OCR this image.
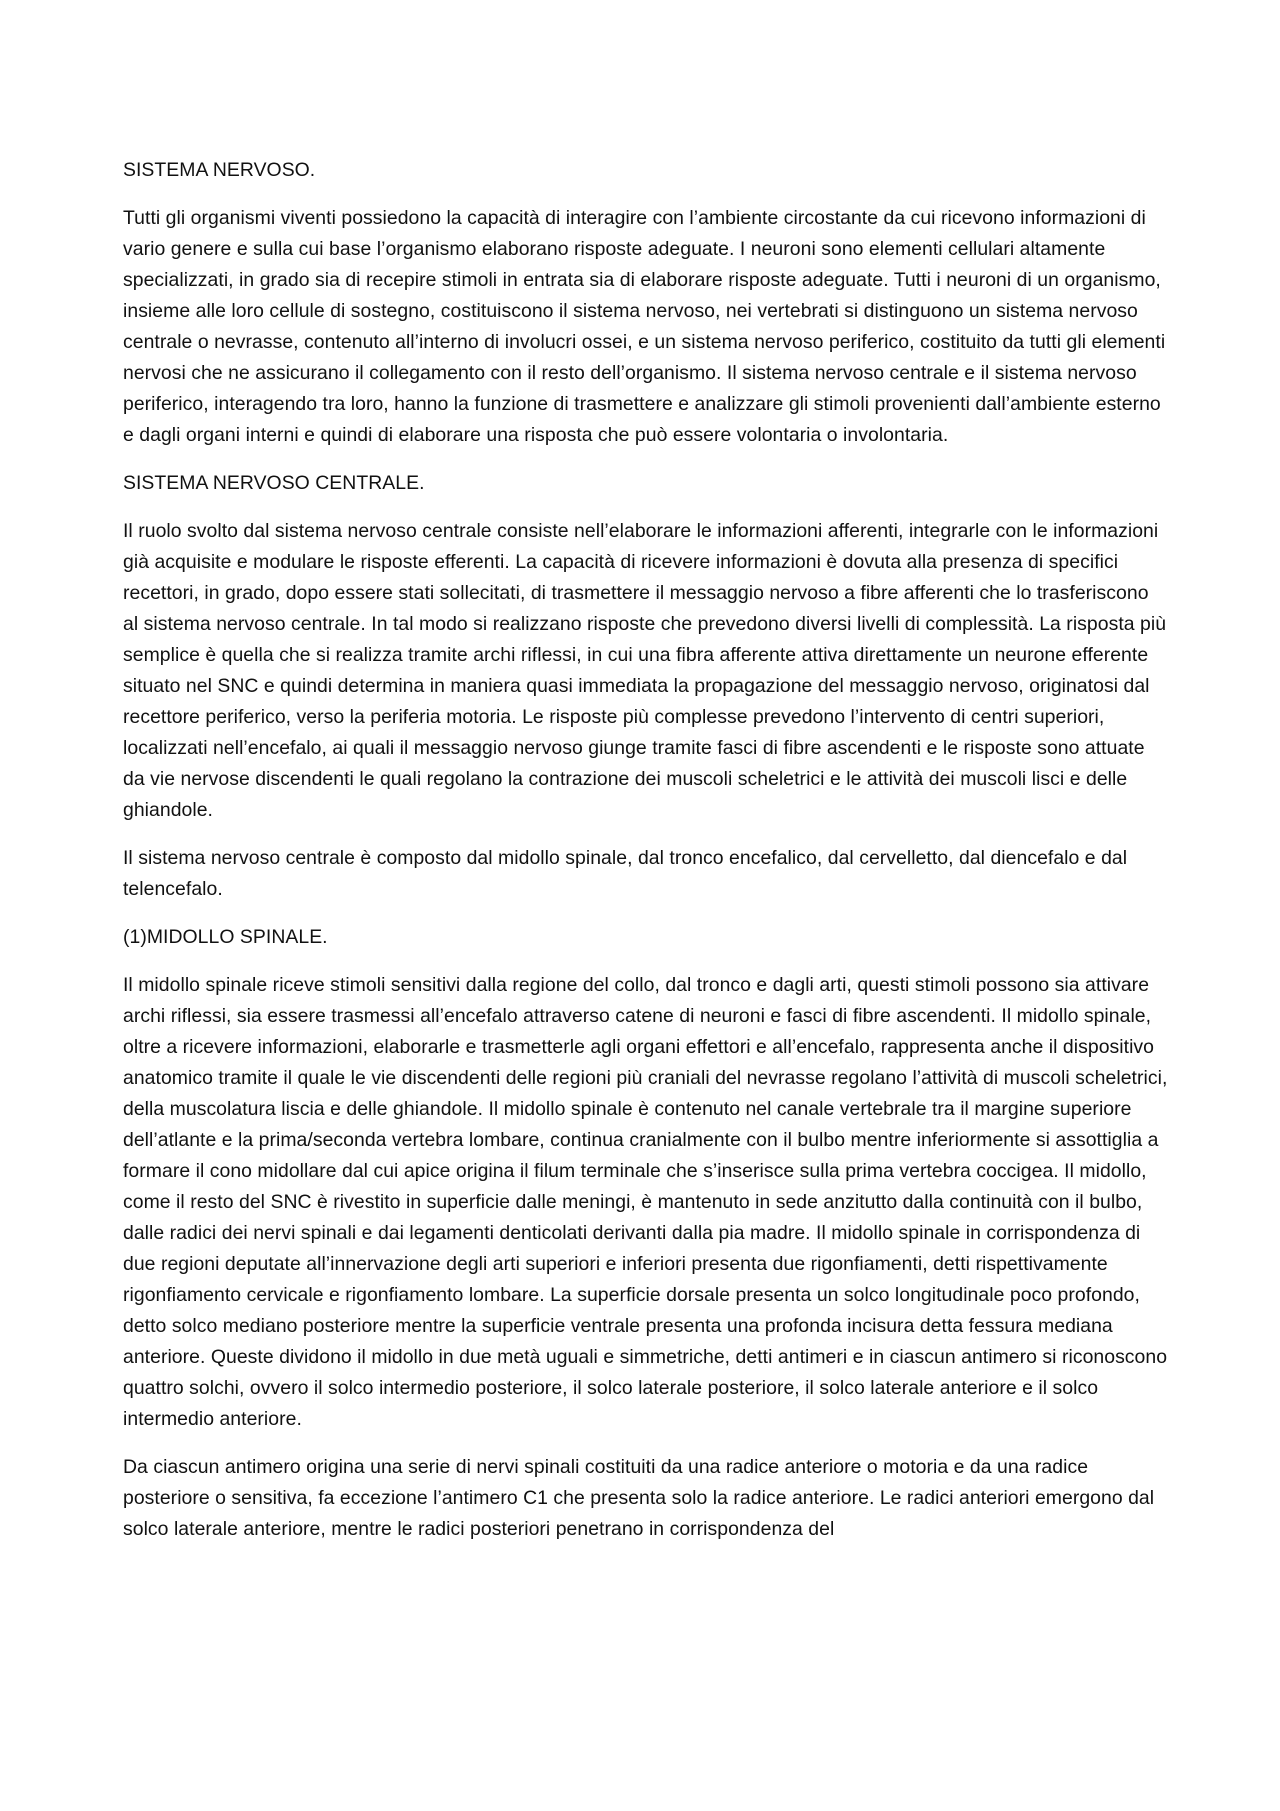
SISTEMA NERVOSO.

Tutti gli organismi viventi possiedono la capacità di interagire con l’ambiente circostante da cui ricevono informazioni di vario genere e sulla cui base l’organismo elaborano risposte adeguate. I neuroni sono elementi cellulari altamente specializzati, in grado sia di recepire stimoli in entrata sia di elaborare risposte adeguate. Tutti i neuroni di un organismo, insieme alle loro cellule di sostegno, costituiscono il sistema nervoso, nei vertebrati si distinguono un sistema nervoso centrale o nevrasse, contenuto all’interno di involucri ossei, e un sistema nervoso periferico, costituito da tutti gli elementi nervosi che ne assicurano il collegamento con il resto dell’organismo. Il sistema nervoso centrale e il sistema nervoso periferico, interagendo tra loro, hanno la funzione di trasmettere e analizzare gli stimoli provenienti dall’ambiente esterno e dagli organi interni e quindi di elaborare una risposta che può essere volontaria o involontaria.

SISTEMA NERVOSO CENTRALE.

Il ruolo svolto dal sistema nervoso centrale consiste nell’elaborare le informazioni afferenti, integrarle con le informazioni già acquisite e modulare le risposte efferenti. La capacità di ricevere informazioni è dovuta alla presenza di specifici recettori, in grado, dopo essere stati sollecitati, di trasmettere il messaggio nervoso a fibre afferenti che lo trasferiscono al sistema nervoso centrale. In tal modo si realizzano risposte che prevedono diversi livelli di complessità. La risposta più semplice è quella che si realizza tramite archi riflessi, in cui una fibra afferente attiva direttamente un neurone efferente situato nel SNC e quindi determina in maniera quasi immediata la propagazione del messaggio nervoso, originatosi dal recettore periferico, verso la periferia motoria. Le risposte più complesse prevedono l’intervento di centri superiori, localizzati nell’encefalo, ai quali il messaggio nervoso giunge tramite fasci di fibre ascendenti e le risposte sono attuate da vie nervose discendenti le quali regolano la contrazione dei muscoli scheletrici e le attività dei muscoli lisci e delle ghiandole.

Il sistema nervoso centrale è composto dal midollo spinale, dal tronco encefalico, dal cervelletto, dal diencefalo e dal telencefalo.

(1)MIDOLLO SPINALE.

Il midollo spinale riceve stimoli sensitivi dalla regione del collo, dal tronco e dagli arti, questi stimoli possono sia attivare archi riflessi, sia essere trasmessi all’encefalo attraverso catene di neuroni e fasci di fibre ascendenti. Il midollo spinale, oltre a ricevere informazioni, elaborarle e trasmetterle agli organi effettori e all’encefalo, rappresenta anche il dispositivo anatomico tramite il quale le vie discendenti delle regioni più craniali del nevrasse regolano l’attività di muscoli scheletrici, della muscolatura liscia e delle ghiandole. Il midollo spinale è contenuto nel canale vertebrale tra il margine superiore dell’atlante e la prima/seconda vertebra lombare, continua cranialmente con il bulbo mentre inferiormente si assottiglia a formare il cono midollare dal cui apice origina il filum terminale che s’inserisce sulla prima vertebra coccigea. Il midollo, come il resto del SNC è rivestito in superficie dalle meningi, è mantenuto in sede anzitutto dalla continuità con il bulbo, dalle radici dei nervi spinali e dai legamenti denticolati derivanti dalla pia madre. Il midollo spinale in corrispondenza di due regioni deputate all’innervazione degli arti superiori e inferiori presenta due rigonfiamenti, detti rispettivamente rigonfiamento cervicale e rigonfiamento lombare. La superficie dorsale presenta un solco longitudinale poco profondo, detto solco mediano posteriore mentre la superficie ventrale presenta una profonda incisura detta fessura mediana anteriore. Queste dividono il midollo in due metà uguali e simmetriche, detti antimeri e in ciascun antimero si riconoscono quattro solchi, ovvero il solco intermedio posteriore, il solco laterale posteriore, il solco laterale anteriore e il solco intermedio anteriore.

Da ciascun antimero origina una serie di nervi spinali costituiti da una radice anteriore o motoria e da una radice posteriore o sensitiva, fa eccezione l’antimero C1 che presenta solo la radice anteriore. Le radici anteriori emergono dal solco laterale anteriore, mentre le radici posteriori penetrano in corrispondenza del
